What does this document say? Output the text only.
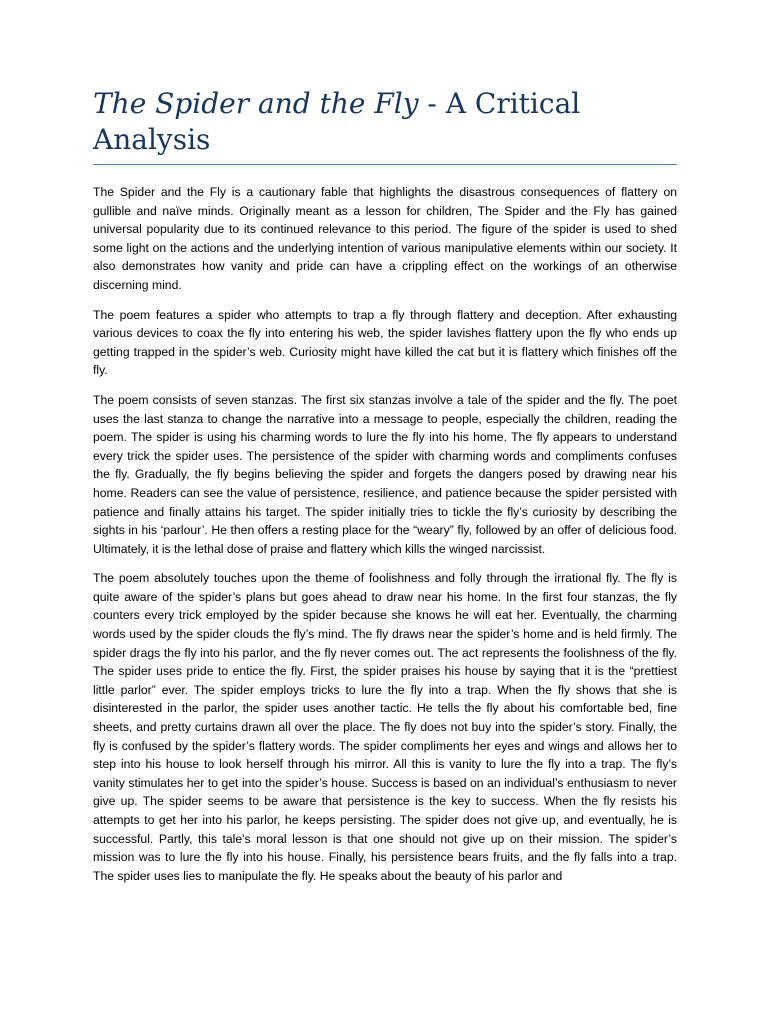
The Spider and the Fly - A Critical Analysis

The Spider and the Fly is a cautionary fable that highlights the disastrous consequences of flattery on gullible and naïve minds. Originally meant as a lesson for children, The Spider and the Fly has gained universal popularity due to its continued relevance to this period. The figure of the spider is used to shed some light on the actions and the underlying intention of various manipulative elements within our society. It also demonstrates how vanity and pride can have a crippling effect on the workings of an otherwise discerning mind.

The poem features a spider who attempts to trap a fly through flattery and deception. After exhausting various devices to coax the fly into entering his web, the spider lavishes flattery upon the fly who ends up getting trapped in the spider’s web. Curiosity might have killed the cat but it is flattery which finishes off the fly.

The poem consists of seven stanzas. The first six stanzas involve a tale of the spider and the fly. The poet uses the last stanza to change the narrative into a message to people, especially the children, reading the poem. The spider is using his charming words to lure the fly into his home. The fly appears to understand every trick the spider uses. The persistence of the spider with charming words and compliments confuses the fly. Gradually, the fly begins believing the spider and forgets the dangers posed by drawing near his home. Readers can see the value of persistence, resilience, and patience because the spider persisted with patience and finally attains his target. The spider initially tries to tickle the fly’s curiosity by describing the sights in his ‘parlour’. He then offers a resting place for the “weary” fly, followed by an offer of delicious food. Ultimately, it is the lethal dose of praise and flattery which kills the winged narcissist.

The poem absolutely touches upon the theme of foolishness and folly through the irrational fly. The fly is quite aware of the spider’s plans but goes ahead to draw near his home. In the first four stanzas, the fly counters every trick employed by the spider because she knows he will eat her. Eventually, the charming words used by the spider clouds the fly’s mind. The fly draws near the spider’s home and is held firmly. The spider drags the fly into his parlor, and the fly never comes out. The act represents the foolishness of the fly. The spider uses pride to entice the fly. First, the spider praises his house by saying that it is the “prettiest little parlor” ever. The spider employs tricks to lure the fly into a trap. When the fly shows that she is disinterested in the parlor, the spider uses another tactic. He tells the fly about his comfortable bed, fine sheets, and pretty curtains drawn all over the place. The fly does not buy into the spider’s story. Finally, the fly is confused by the spider’s flattery words. The spider compliments her eyes and wings and allows her to step into his house to look herself through his mirror. All this is vanity to lure the fly into a trap. The fly’s vanity stimulates her to get into the spider’s house. Success is based on an individual’s enthusiasm to never give up. The spider seems to be aware that persistence is the key to success. When the fly resists his attempts to get her into his parlor, he keeps persisting. The spider does not give up, and eventually, he is successful. Partly, this tale's moral lesson is that one should not give up on their mission. The spider’s mission was to lure the fly into his house. Finally, his persistence bears fruits, and the fly falls into a trap. The spider uses lies to manipulate the fly. He speaks about the beauty of his parlor and
